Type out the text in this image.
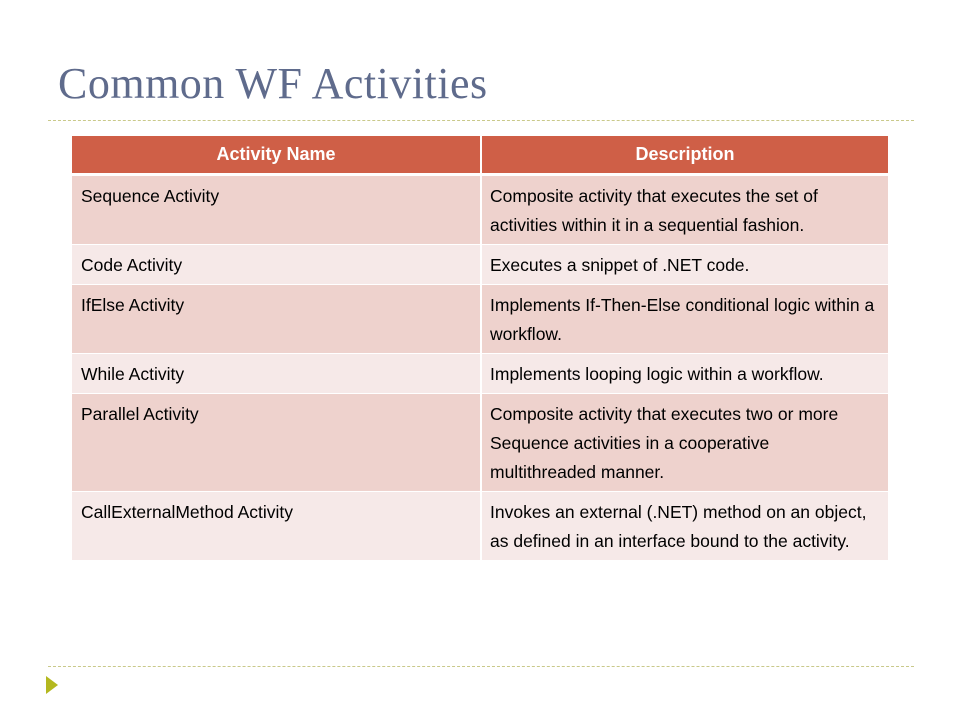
Common WF Activities
Activity Name	Description
Sequence Activity	Composite activity that executes the set of activities within it in a sequential fashion.
Code Activity	Executes a snippet of .NET code.
IfElse Activity	Implements If-Then-Else conditional logic within a workflow.
While Activity	Implements looping logic within a workflow.
Parallel Activity	Composite activity that executes two or more Sequence activities in a cooperative multithreaded manner.
CallExternalMethod Activity	Invokes an external (.NET) method on an object, as defined in an interface bound to the activity.
